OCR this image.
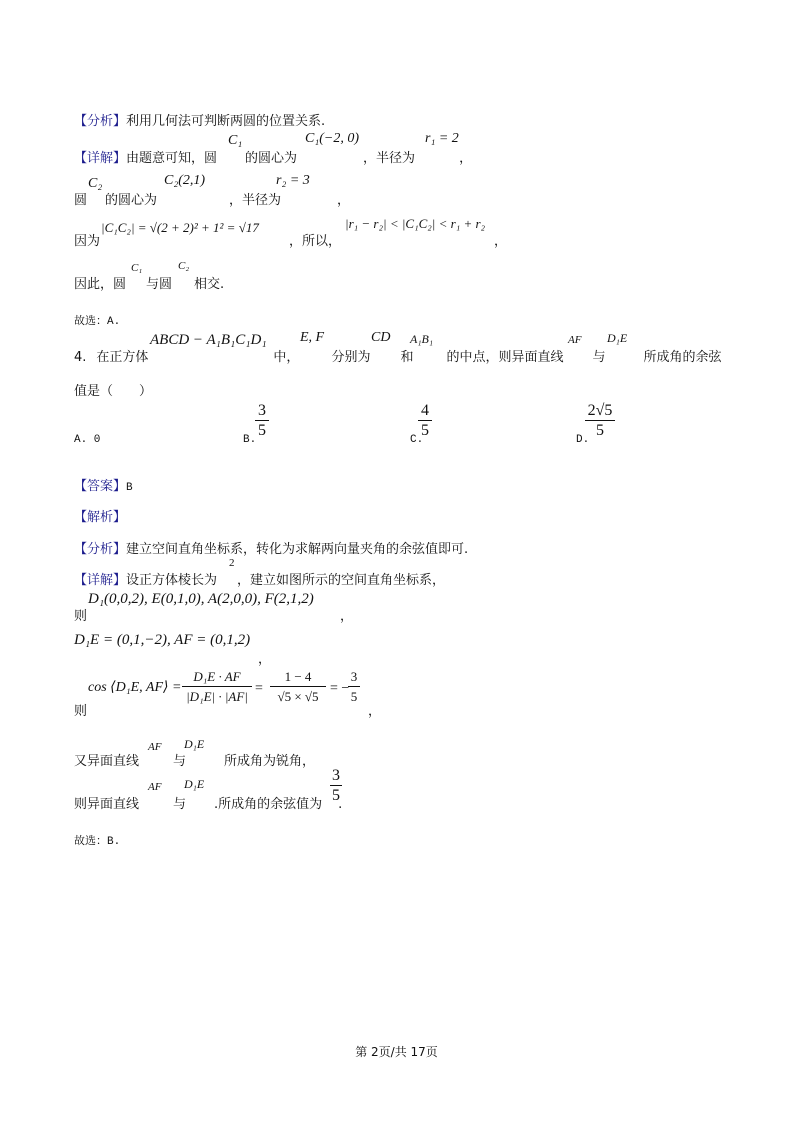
【分析】利用几何法可判断两圆的位置关系.
C₁	C₁(−2, 0)	r₁ = 2
【详解】由题意可知，圆 的圆心为	，半径为	，
C₂	C₂(2,1)	r₂ = 3
圆 的圆心为	，半径为	，
因为
|C₁C₂| = √(2 + 2)² + 1² = √17
，所以，
|r₁ − r₂| < |C₁C₂| < r₁ + r₂
，
C₁	C₂
因此，圆 与圆 相交.
故选：A.
ABCD − A₁B₁C₁D₁ E, F	CD A₁B₁	AF D₁E
4. 在正方体	中， 分别为 和	的中点，则异面直线 与	所成角的余弦
值是（　　）
A. 0	B.
3
5
C.
4
5
D.
2√5
5
【答案】B
【解析】
【分析】建立空间直角坐标系，转化为求解两向量夹角的余弦值即可.
2
【详解】设正方体棱长为 ，建立如图所示的空间直角坐标系，
D₁(0,0,2), E(0,1,0), A(2,0,0), F(2,1,2)
则	，
D₁E = (0,1,−2), AF = (0,1,2)
，
cos ⟨D₁E, AF⟩ =
D₁E · AF
|D₁E| · |AF|
=
1 − 4
√5 × √5
= −
3
5
则	，
AF D₁E
又异面直线	与	所成角为锐角，
AF D₁E
则异面直线	与 .所成角的余弦值为 .
3
5
故选：B.
第 2页/共 17页
